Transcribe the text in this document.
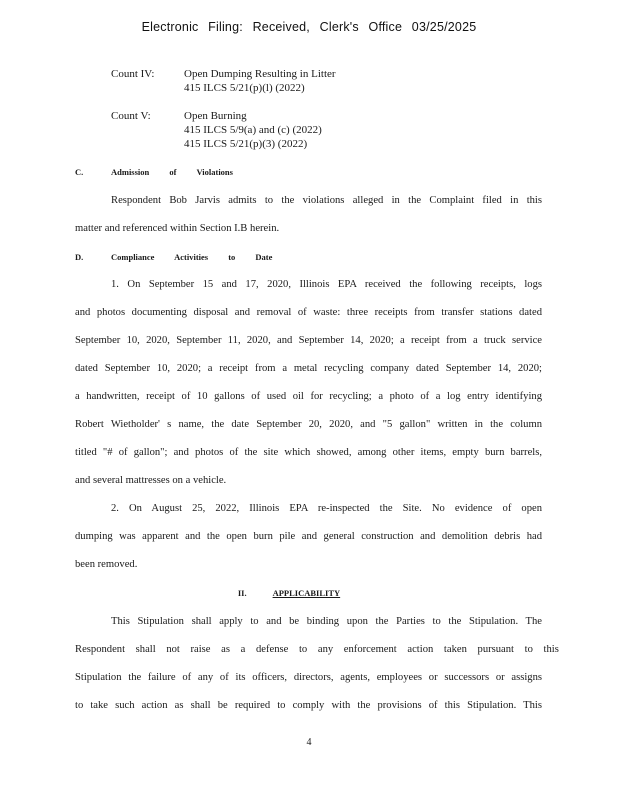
Electronic Filing: Received, Clerk's Office 03/25/2025
Count IV:	Open Dumping Resulting in Litter
415 ILCS 5/21(p)(l) (2022)
Count V:	Open Burning
415 ILCS 5/9(a) and (c) (2022)
415 ILCS 5/21(p)(3) (2022)
C.	Admission of Violations
Respondent Bob Jarvis admits to the violations alleged in the Complaint filed in this
matter and referenced within Section I.B herein.
D.	Compliance Activities to Date
1. On September 15 and 17, 2020, Illinois EPA received the following receipts, logs
and photos documenting disposal and removal of waste: three receipts from transfer stations dated
September 10, 2020, September 11, 2020, and September 14, 2020; a receipt from a truck service
dated September 10, 2020; a receipt from a metal recycling company dated September 14, 2020;
a handwritten, receipt of 10 gallons of used oil for recycling; a photo of a log entry identifying
Robert Wietholder' s name, the date September 20, 2020, and "5 gallon" written in the column
titled "# of gallon"; and photos of the site which showed, among other items, empty burn barrels,
and several mattresses on a vehicle.
2. On August 25, 2022, Illinois EPA re-inspected the Site. No evidence of open
dumping was apparent and the open burn pile and general construction and demolition debris had
been removed.
II.	APPLICABILITY
This Stipulation shall apply to and be binding upon the Parties to the Stipulation. The
Respondent shall not raise as a defense to any enforcement action taken pursuant to this
Stipulation the failure of any of its officers, directors, agents, employees or successors or assigns
to take such action as shall be required to comply with the provisions of this Stipulation. This
4
